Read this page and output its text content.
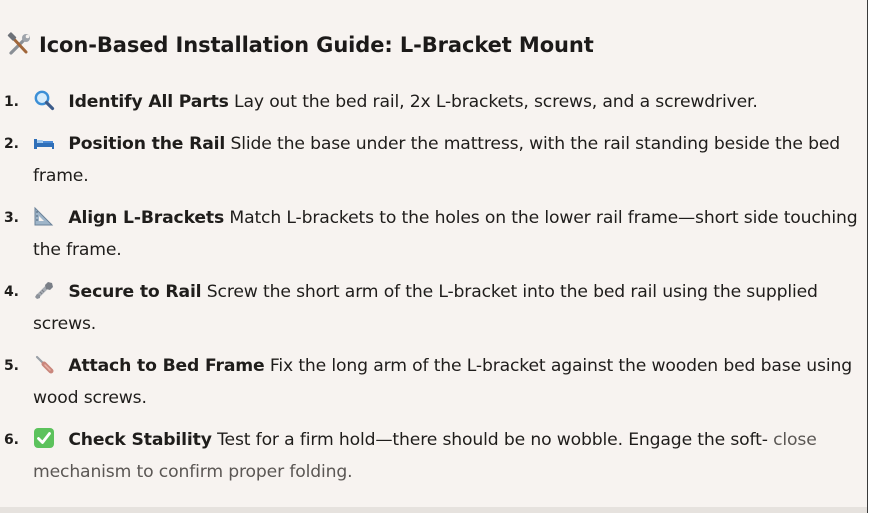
Icon-Based Installation Guide: L-Bracket Mount
1.	Identify All Parts Lay out the bed rail, 2x L-brackets, screws, and a screwdriver.
2.	Position the Rail Slide the base under the mattress, with the rail standing beside the bed frame.
3.	Align L-Brackets Match L-brackets to the holes on the lower rail frame—short side touching the frame.
4.	Secure to Rail Screw the short arm of the L-bracket into the bed rail using the supplied screws.
5.	Attach to Bed Frame Fix the long arm of the L-bracket against the wooden bed base using wood screws.
6.	Check Stability Test for a firm hold—there should be no wobble. Engage the soft- close mechanism to confirm proper folding.
